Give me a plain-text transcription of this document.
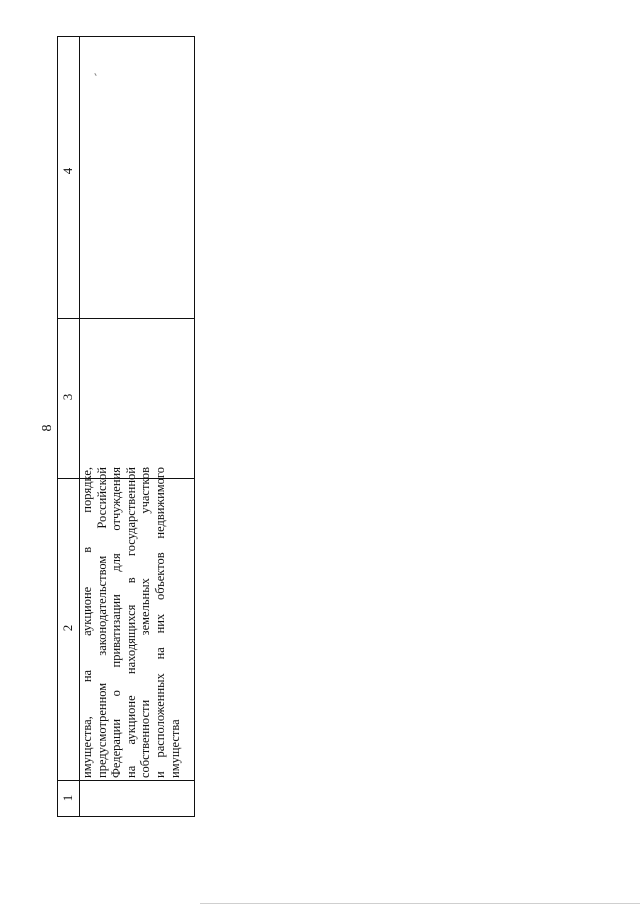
8
1
2
3
4
имущества, на аукционе в порядке, предусмотренном законодательством Российской Федерации о приватизации для отчуждения на аукционе находящихся в государственной собственности земельных участков и расположенных на них объектов недвижимого имущества
